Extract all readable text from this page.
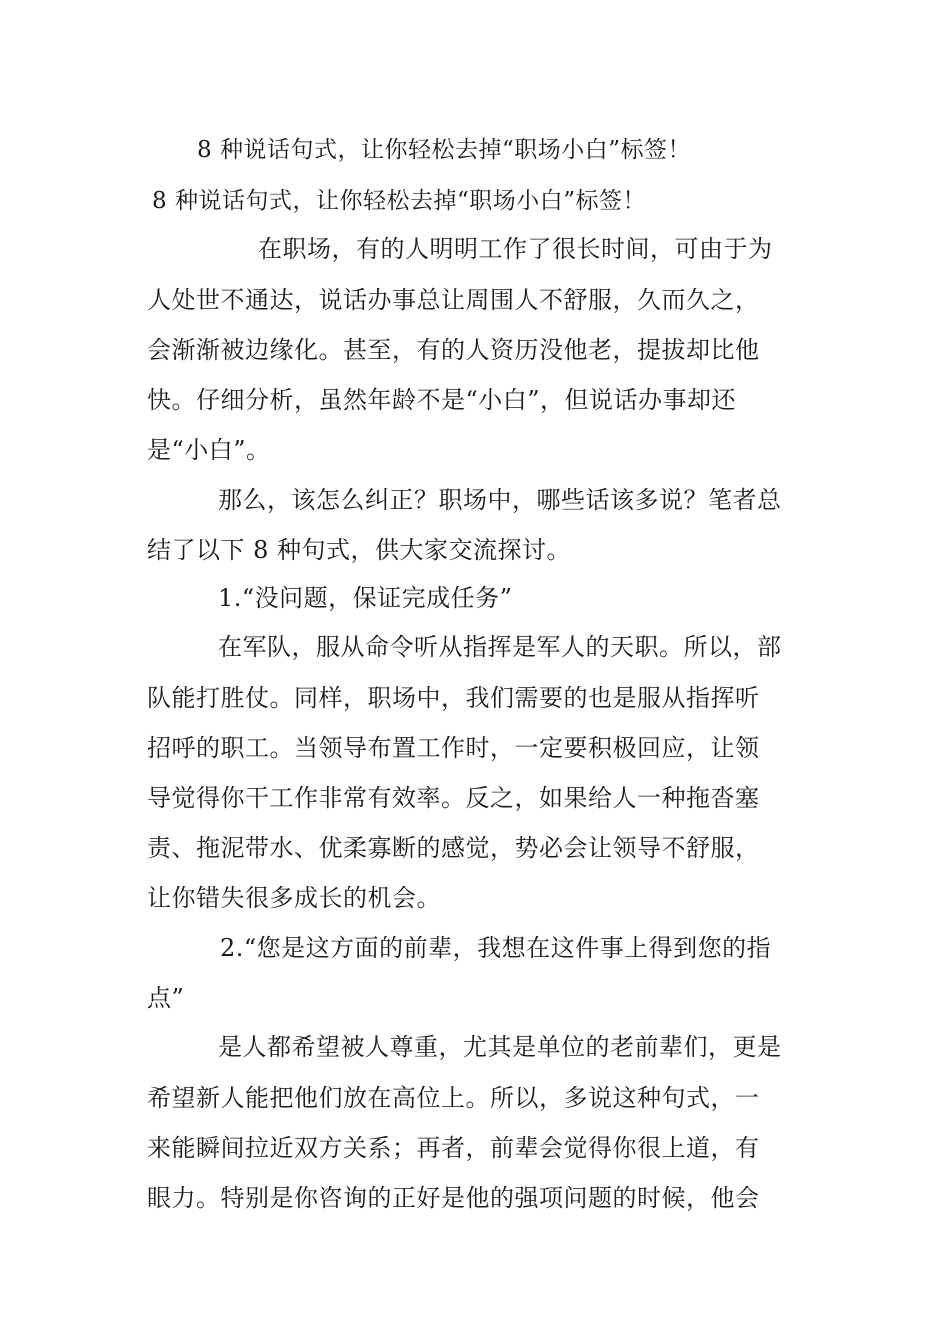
8 种说话句式，让你轻松去掉“职场小白”标签！
8 种说话句式，让你轻松去掉“职场小白”标签！
在职场，有的人明明工作了很长时间，可由于为
人处世不通达，说话办事总让周围人不舒服，久而久之，
会渐渐被边缘化。甚至，有的人资历没他老，提拔却比他
快。仔细分析，虽然年龄不是“小白”，但说话办事却还
是“小白”。
那么，该怎么纠正？职场中，哪些话该多说？笔者总
结了以下 8 种句式，供大家交流探讨。
1.“没问题，保证完成任务”
在军队，服从命令听从指挥是军人的天职。所以，部
队能打胜仗。同样，职场中，我们需要的也是服从指挥听
招呼的职工。当领导布置工作时，一定要积极回应，让领
导觉得你干工作非常有效率。反之，如果给人一种拖沓塞
责、拖泥带水、优柔寡断的感觉，势必会让领导不舒服，
让你错失很多成长的机会。
2.“您是这方面的前辈，我想在这件事上得到您的指
点”
是人都希望被人尊重，尤其是单位的老前辈们，更是
希望新人能把他们放在高位上。所以，多说这种句式，一
来能瞬间拉近双方关系；再者，前辈会觉得你很上道，有
眼力。特别是你咨询的正好是他的强项问题的时候，他会
